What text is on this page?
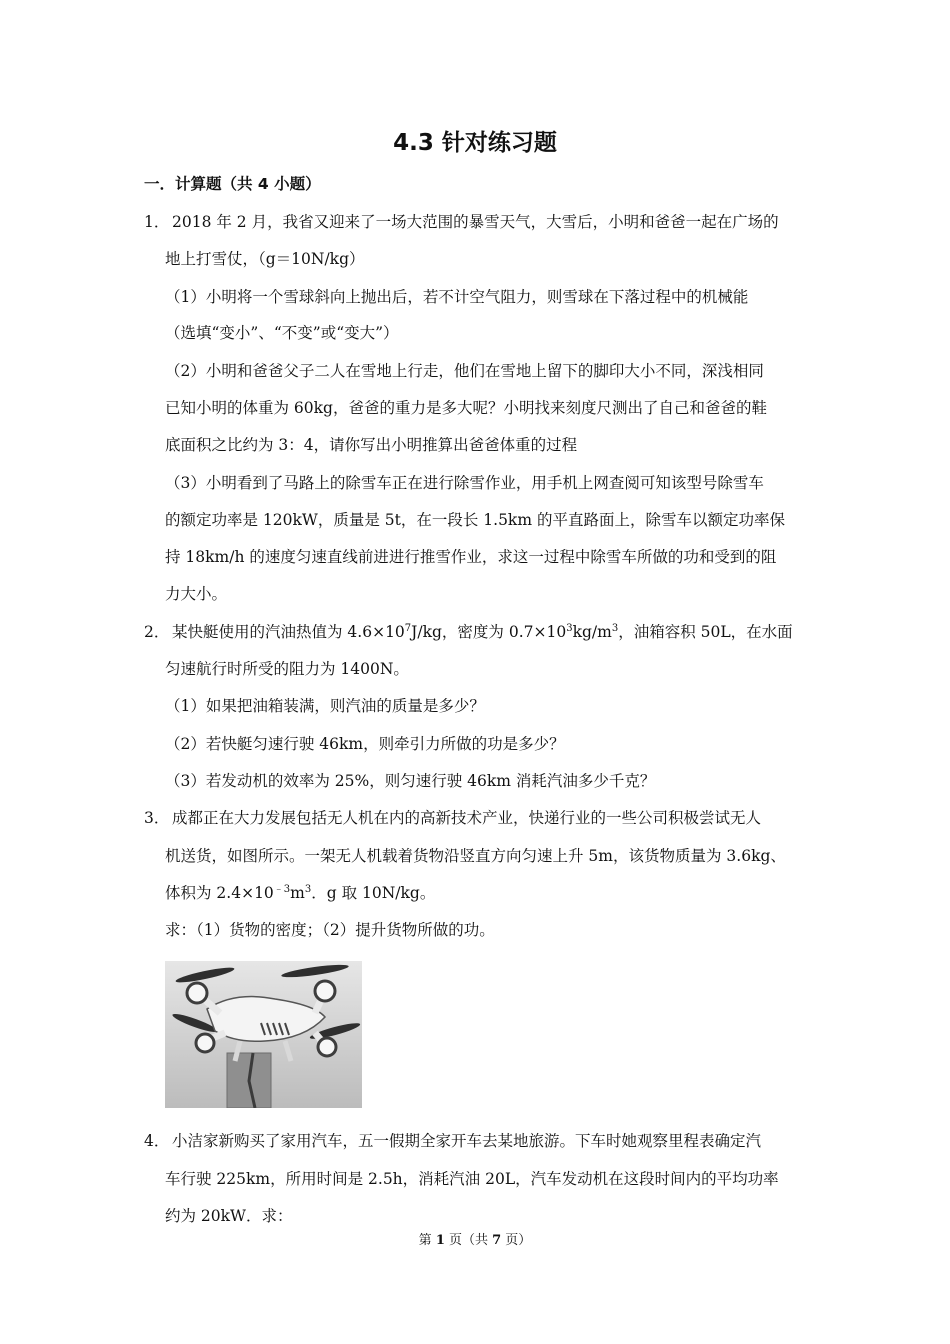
4.3 针对练习题
一．计算题（共 4 小题）
1． 2018 年 2 月，我省又迎来了一场大范围的暴雪天气，大雪后，小明和爸爸一起在广场的
地上打雪仗，（g＝10N/kg）
（1）小明将一个雪球斜向上抛出后，若不计空气阻力，则雪球在下落过程中的机械能
（选填“变小”、“不变”或“变大”）
（2）小明和爸爸父子二人在雪地上行走，他们在雪地上留下的脚印大小不同，深浅相同
已知小明的体重为 60kg，爸爸的重力是多大呢？小明找来刻度尺测出了自己和爸爸的鞋
底面积之比约为 3：4，请你写出小明推算出爸爸体重的过程
（3）小明看到了马路上的除雪车正在进行除雪作业，用手机上网查阅可知该型号除雪车
的额定功率是 120kW，质量是 5t，在一段长 1.5km 的平直路面上，除雪车以额定功率保
持 18km/h 的速度匀速直线前进进行推雪作业，求这一过程中除雪车所做的功和受到的阻
力大小。
2． 某快艇使用的汽油热值为 $4.6\times 10^7J/kg$，密度为 $0.7\times 10^3kg/m^3$，油箱容积 50L，在水面
匀速航行时所受的阻力为 1400N。
（1）如果把油箱装满，则汽油的质量是多少？
（2）若快艇匀速行驶 46km，则牵引力所做的功是多少？
（3）若发动机的效率为 25%，则匀速行驶 46km 消耗汽油多少千克？
3． 成都正在大力发展包括无人机在内的高新技术产业，快递行业的一些公司积极尝试无人
机送货，如图所示。一架无人机载着货物沿竖直方向匀速上升 5m，该货物质量为 3.6kg、
体积为 $2.4\times 10^{﹣3}m^3$．g 取 10N/kg。
求：（1）货物的密度；（2）提升货物所做的功。
4． 小洁家新购买了家用汽车，五一假期全家开车去某地旅游。下车时她观察里程表确定汽
车行驶 225km，所用时间是 2.5h，消耗汽油 20L，汽车发动机在这段时间内的平均功率
约为 20kW．求：
第 1 页（共 7 页）
